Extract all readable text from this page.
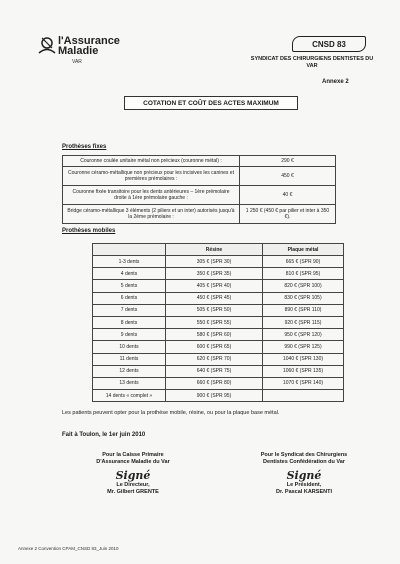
l'Assurance
Maladie
VAR
CNSD 83
SYNDICAT DES CHIRURGIENS DENTISTES DU VAR
Annexe 2
COTATION ET COÛT DES ACTES MAXIMUM
Prothèses fixes
Couronne coulée unitaire métal non précieux (couronne métal) :	290 €
Couronne céramo-métallique non précieux pour les incisives les canines et premières prémolaires :	450 €
Couronne fixée transitoire pour les dents antérieures – 1ère prémolaire droite à 1ère prémolaire gauche :	40 €
Bridge céramo-métallique 3 éléments (2 piliers et un inter) autorisés jusqu'à la 2ème prémolaire :	1 250 € (450 € par pilier et inter à 350 €).
Prothèses mobiles
	Résine	Plaque métal
1-3 dents	305 € (SPR 30)	665 € (SPR 90)
4 dents	350 € (SPR 35)	810 € (SPR 95)
5 dents	405 € (SPR 40)	820 € (SPR 100)
6 dents	450 € (SPR 45)	830 € (SPR 105)
7 dents	505 € (SPR 50)	890 € (SPR 110)
8 dents	550 € (SPR 55)	920 € (SPR 115)
9 dents	580 € (SPR 60)	950 € (SPR 120)
10 dents	600 € (SPR 65)	990 € (SPR 125)
11 dents	620 € (SPR 70)	1040 € (SPR 130)
12 dents	640 € (SPR 75)	1060 € (SPR 135)
13 dents	660 € (SPR 80)	1070 € (SPR 140)
14 dents « complet »	900 € (SPR 95)	
Les patients peuvent opter pour la prothèse mobile, résine, ou pour la plaque base métal.
Fait à Toulon, le 1er juin 2010
Pour la Caisse Primaire
D'Assurance Maladie du Var
Signé
Le Directeur,
Mr. Gilbert GRENTE
Pour le Syndicat des Chirurgiens
Dentistes Confédération du Var
Signé
Le Président,
Dr. Pascal KARSENTI
Annexe 2 Convention CPAM_CNSD 83_Juin 2010
